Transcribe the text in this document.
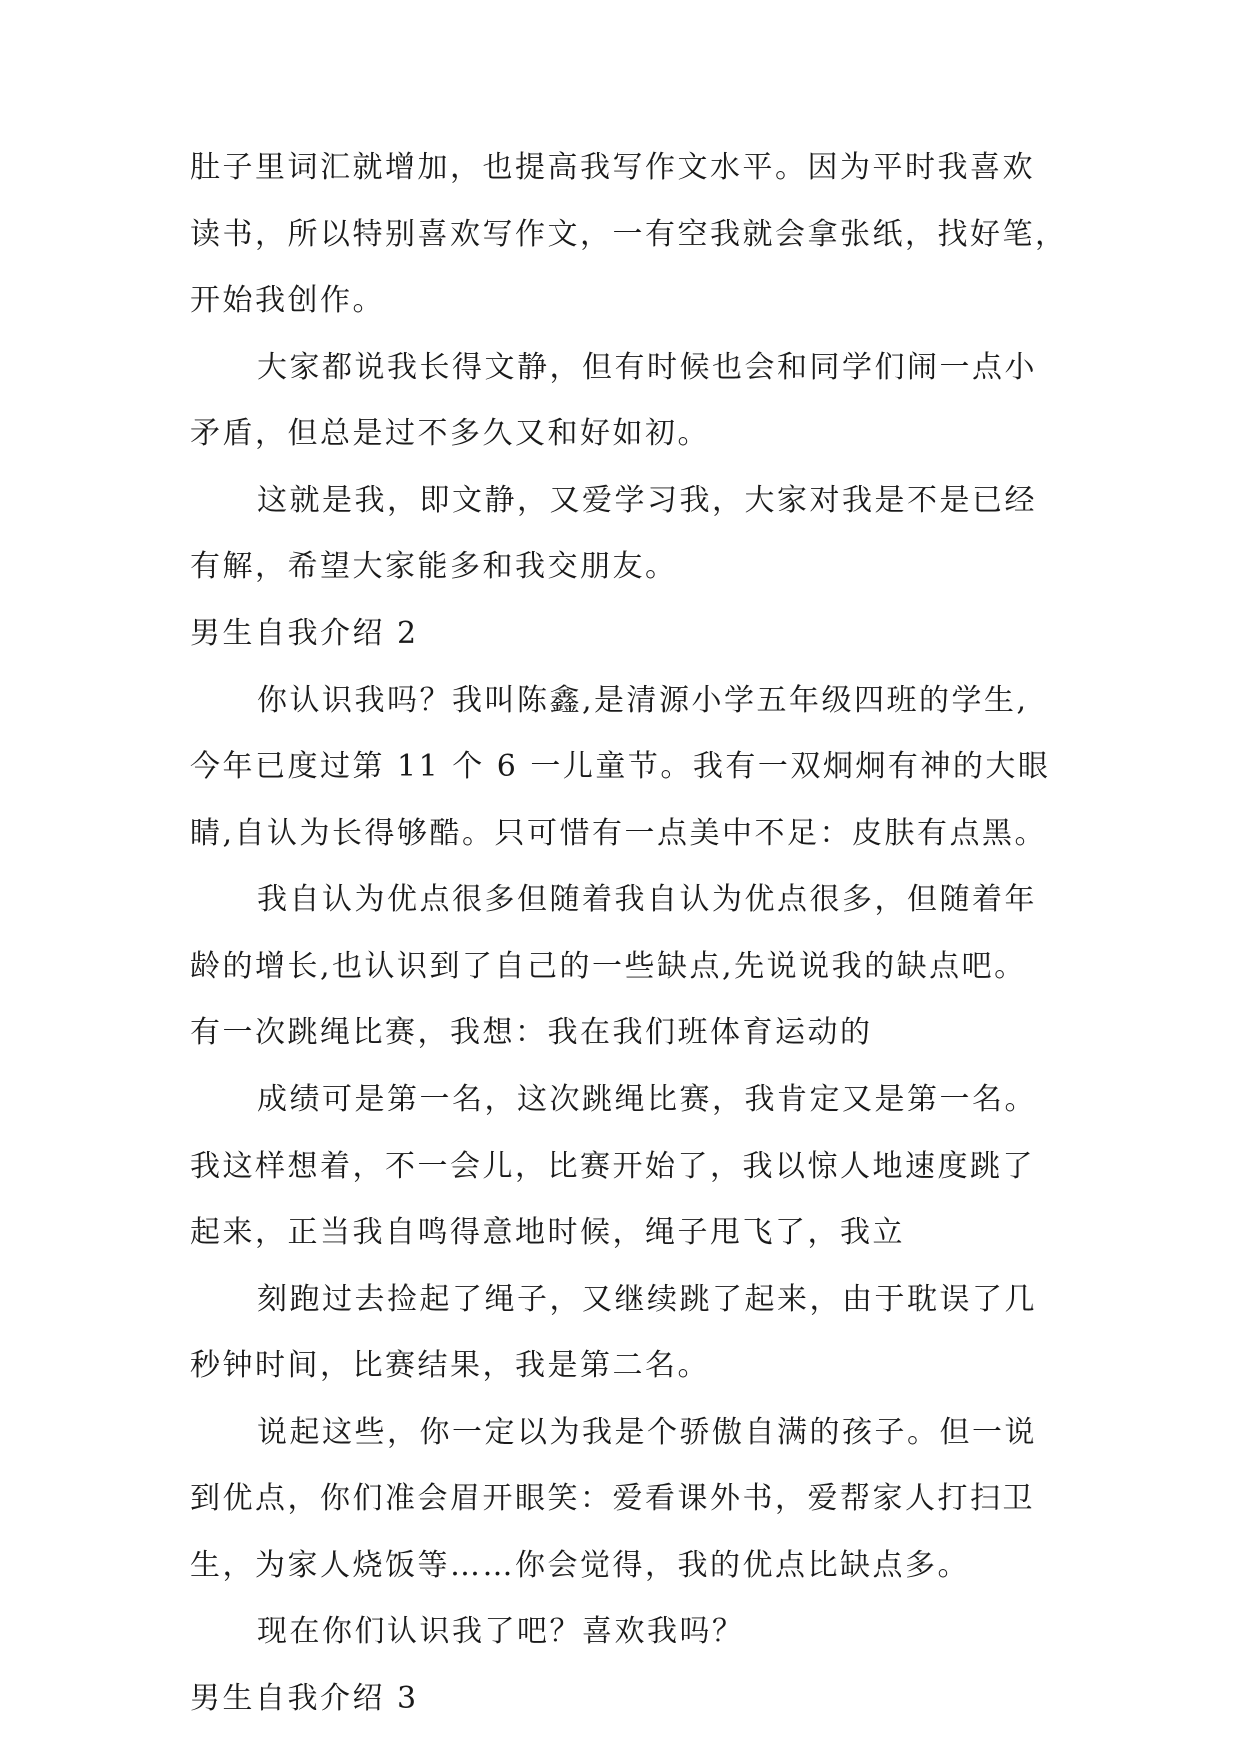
肚子里词汇就增加，也提高我写作文水平。因为平时我喜欢
读书，所以特别喜欢写作文，一有空我就会拿张纸，找好笔，
开始我创作。
大家都说我长得文静，但有时候也会和同学们闹一点小
矛盾，但总是过不多久又和好如初。
这就是我，即文静，又爱学习我，大家对我是不是已经
有解，希望大家能多和我交朋友。
男生自我介绍 2
你认识我吗？我叫陈鑫,是清源小学五年级四班的学生,
今年已度过第 11 个 6 一儿童节。我有一双炯炯有神的大眼
睛,自认为长得够酷。只可惜有一点美中不足：皮肤有点黑。
我自认为优点很多但随着我自认为优点很多，但随着年
龄的增长,也认识到了自己的一些缺点,先说说我的缺点吧。
有一次跳绳比赛，我想：我在我们班体育运动的
成绩可是第一名，这次跳绳比赛，我肯定又是第一名。
我这样想着，不一会儿，比赛开始了，我以惊人地速度跳了
起来，正当我自鸣得意地时候，绳子甩飞了，我立
刻跑过去捡起了绳子，又继续跳了起来，由于耽误了几
秒钟时间，比赛结果，我是第二名。
说起这些，你一定以为我是个骄傲自满的孩子。但一说
到优点，你们准会眉开眼笑：爱看课外书，爱帮家人打扫卫
生，为家人烧饭等……你会觉得，我的优点比缺点多。
现在你们认识我了吧？喜欢我吗？
男生自我介绍 3
